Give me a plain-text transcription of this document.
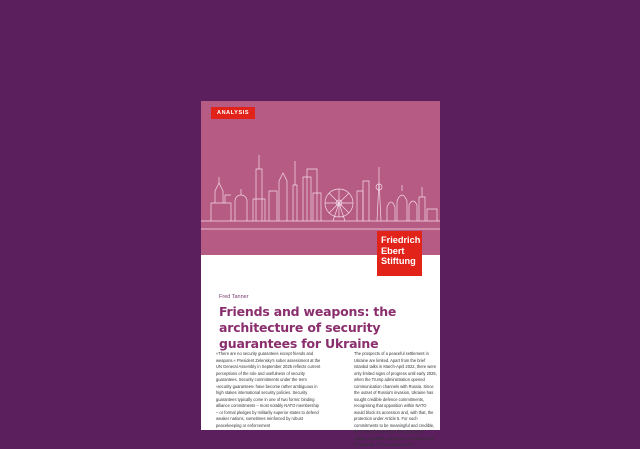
ANALYSIS
Friedrich
Ebert
Stiftung
Fred Tanner
Friends and weapons: the architecture of security guarantees for Ukraine
»There are no security guarantees except friends and weapons.« President Zelensky's sober assessment at the UN General Assembly in September 2025 reflects current perceptions of the role and usefulness of security guarantees. Security commitments under the term ›security guarantees‹ have become rather ambiguous in high stakes international security policies. Security guarantees typically come in one of two forms: binding alliance commitments – most notably NATO membership – or formal pledges by militarily superior states to defend weaker nations, sometimes reinforced by robust peacekeeping or enforcement
The prospects of a peaceful settlement in Ukraine are limited. Apart from the brief Istanbul talks in March-April 2022, there were only limited signs of progress until early 2025, when the Trump administration opened communication channels with Russia. Since the outset of Russia's invasion, Ukraine has sought credible defence commitments, recognising that opposition within NATO would block its accession and, with that, the protection under Article 5. For such commitments to be meaningful and credible, they must demonstrate the guarantor's military capability, willingness and alignment of interests. From a Western per-
